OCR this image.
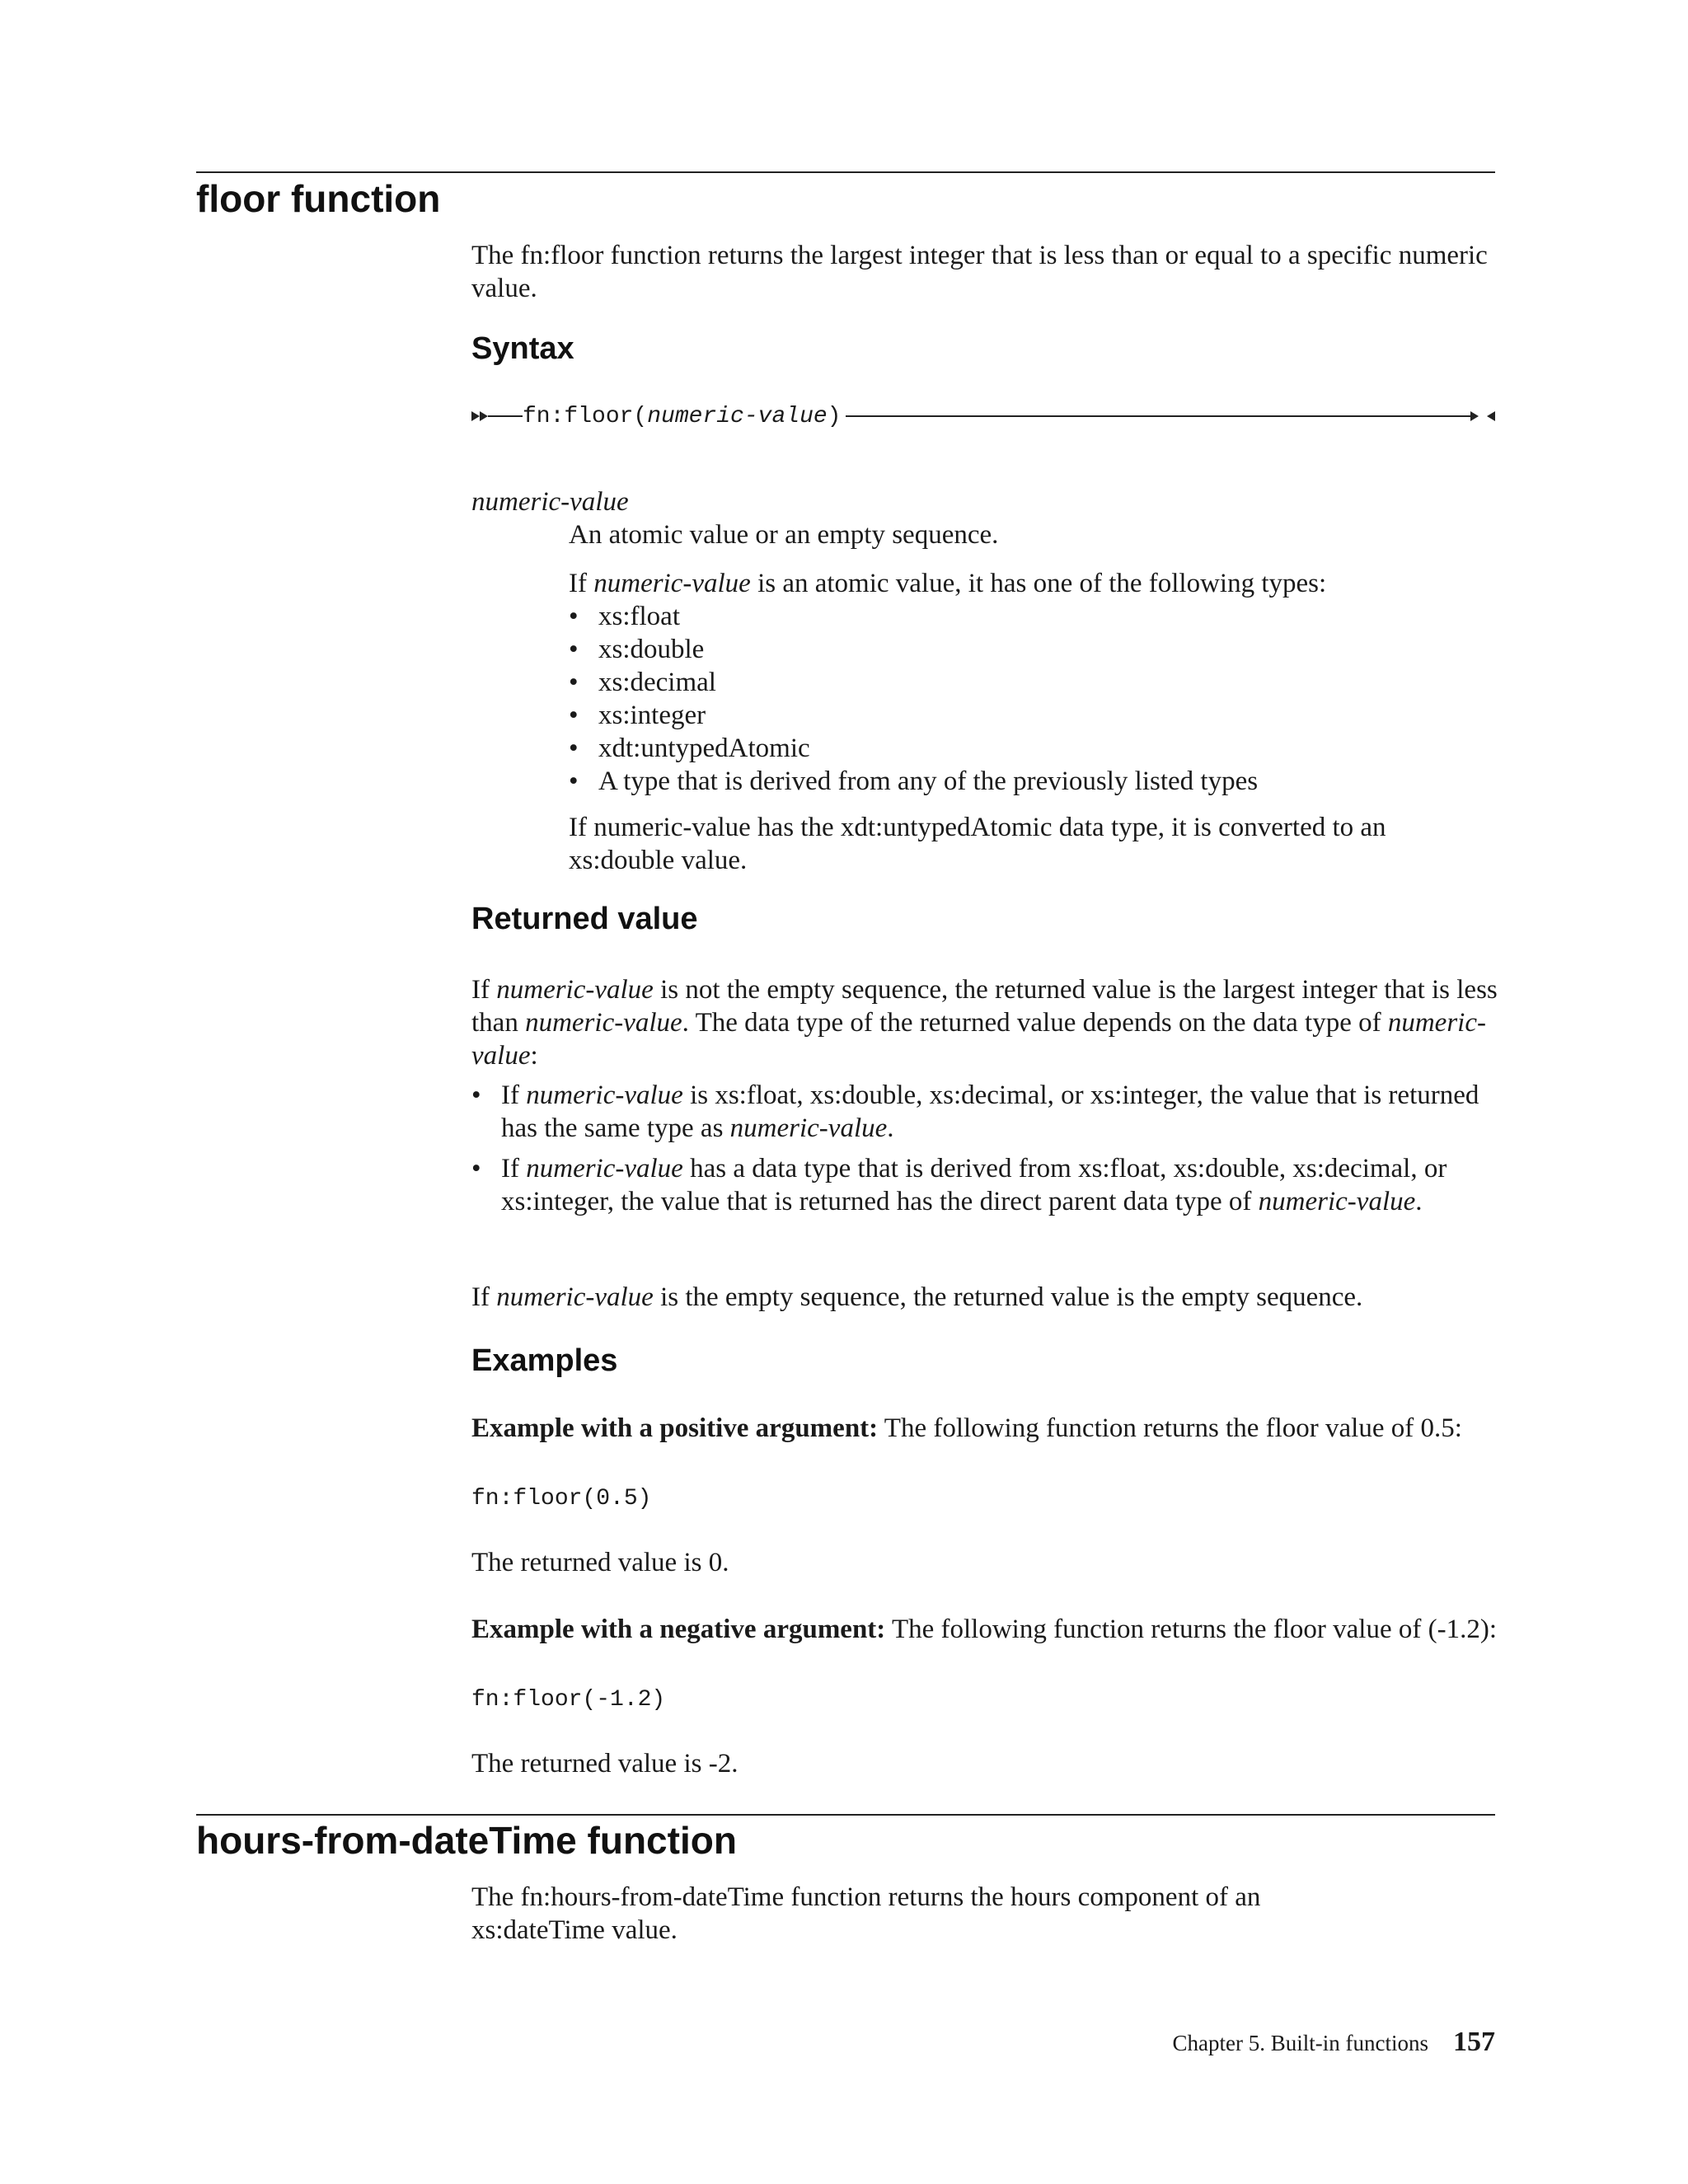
floor function

The fn:floor function returns the largest integer that is less than or equal to a specific numeric value.

Syntax
fn:floor(numeric-value)

numeric-value

An atomic value or an empty sequence.

If numeric-value is an atomic value, it has one of the following types:

• xs:float
• xs:double
• xs:decimal
• xs:integer
• xdt:untypedAtomic
• A type that is derived from any of the previously listed types

If numeric-value has the xdt:untypedAtomic data type, it is converted to an xs:double value.

Returned value

If numeric-value is not the empty sequence, the returned value is the largest integer that is less than numeric-value. The data type of the returned value depends on the data type of numeric-value:

• If numeric-value is xs:float, xs:double, xs:decimal, or xs:integer, the value that is returned has the same type as numeric-value.
• If numeric-value has a data type that is derived from xs:float, xs:double, xs:decimal, or xs:integer, the value that is returned has the direct parent data type of numeric-value.

If numeric-value is the empty sequence, the returned value is the empty sequence.

Examples

Example with a positive argument: The following function returns the floor value of 0.5:

fn:floor(0.5)

The returned value is 0.

Example with a negative argument: The following function returns the floor value of (-1.2):

fn:floor(-1.2)

The returned value is -2.

hours-from-dateTime function

The fn:hours-from-dateTime function returns the hours component of an xs:dateTime value.

Chapter 5. Built-in functions 157
